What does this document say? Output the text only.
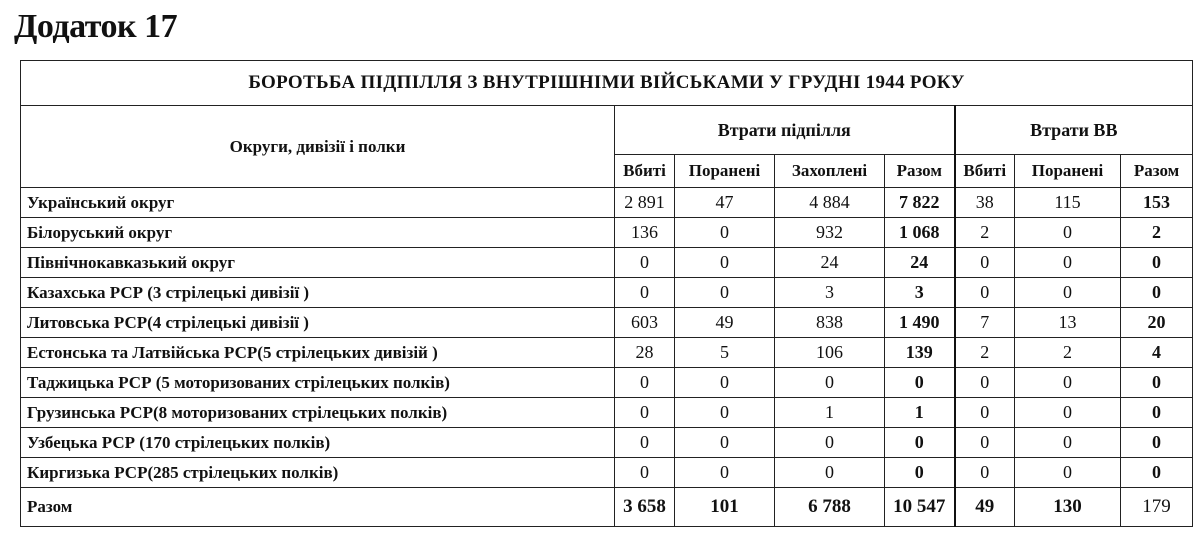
Додаток 17
БОРОТЬБА ПІДПІЛЛЯ З ВНУТРІШНІМИ ВІЙСЬКАМИ У ГРУДНІ 1944 РОКУ							
Округи, дивізії і полки	Втрати підпілля				Втрати ВВ		
	Вбиті	Поранені	Захоплені	Разом	Вбиті	Поранені	Разом
Український округ	2 891	47	4 884	7 822	38	115	153
Білоруський округ	136	0	932	1 068	2	0	2
Північнокавказький округ	0	0	24	24	0	0	0
Казахська РСР (3 стрілецькі дивізії )	0	0	3	3	0	0	0
Литовська РСР(4 стрілецькі дивізії )	603	49	838	1 490	7	13	20
Естонська та Латвійська РСР(5 стрілецьких дивізій )	28	5	106	139	2	2	4
Таджицька РСР (5 моторизованих стрілецьких полків)	0	0	0	0	0	0	0
Грузинська РСР(8 моторизованих стрілецьких полків)	0	0	1	1	0	0	0
Узбецька РСР (170 стрілецьких полків)	0	0	0	0	0	0	0
Киргизька РСР(285 стрілецьких полків)	0	0	0	0	0	0	0
Разом	3 658	101	6 788	10 547	49	130	179
